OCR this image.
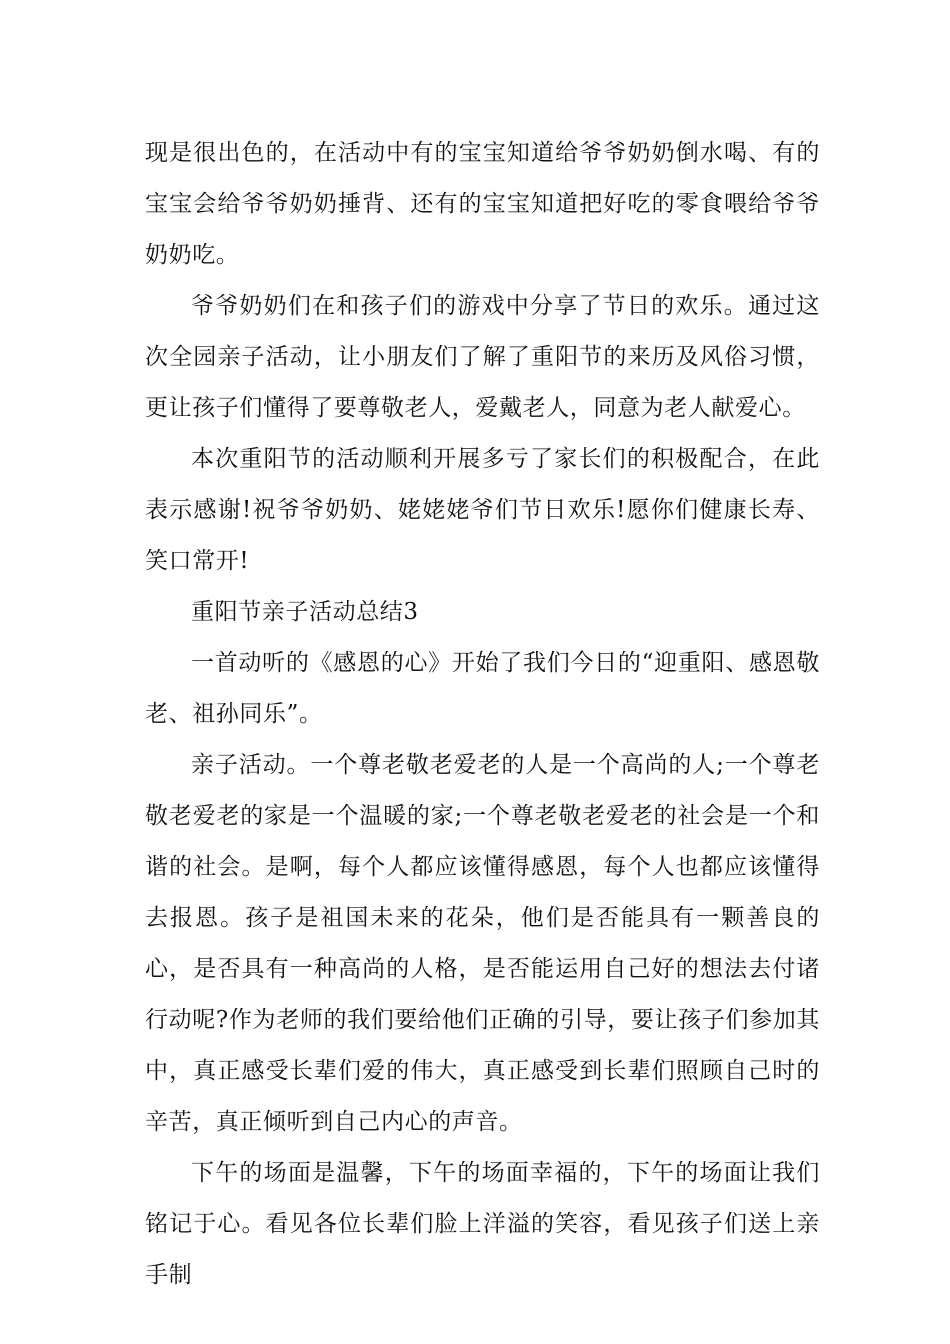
现是很出色的，在活动中有的宝宝知道给爷爷奶奶倒水喝、有的宝宝会给爷爷奶奶捶背、还有的宝宝知道把好吃的零食喂给爷爷奶奶吃。

爷爷奶奶们在和孩子们的游戏中分享了节日的欢乐。通过这次全园亲子活动，让小朋友们了解了重阳节的来历及风俗习惯，更让孩子们懂得了要尊敬老人，爱戴老人，同意为老人献爱心。

本次重阳节的活动顺利开展多亏了家长们的积极配合，在此表示感谢!祝爷爷奶奶、姥姥姥爷们节日欢乐!愿你们健康长寿、笑口常开!

重阳节亲子活动总结3

一首动听的《感恩的心》开始了我们今日的“迎重阳、感恩敬老、祖孙同乐”。

亲子活动。一个尊老敬老爱老的人是一个高尚的人;一个尊老敬老爱老的家是一个温暖的家;一个尊老敬老爱老的社会是一个和谐的社会。是啊，每个人都应该懂得感恩，每个人也都应该懂得去报恩。孩子是祖国未来的花朵，他们是否能具有一颗善良的心，是否具有一种高尚的人格，是否能运用自己好的想法去付诸行动呢?作为老师的我们要给他们正确的引导，要让孩子们参加其中，真正感受长辈们爱的伟大，真正感受到长辈们照顾自己时的辛苦，真正倾听到自己内心的声音。

下午的场面是温馨，下午的场面幸福的，下午的场面让我们铭记于心。看见各位长辈们脸上洋溢的笑容，看见孩子们送上亲手制
